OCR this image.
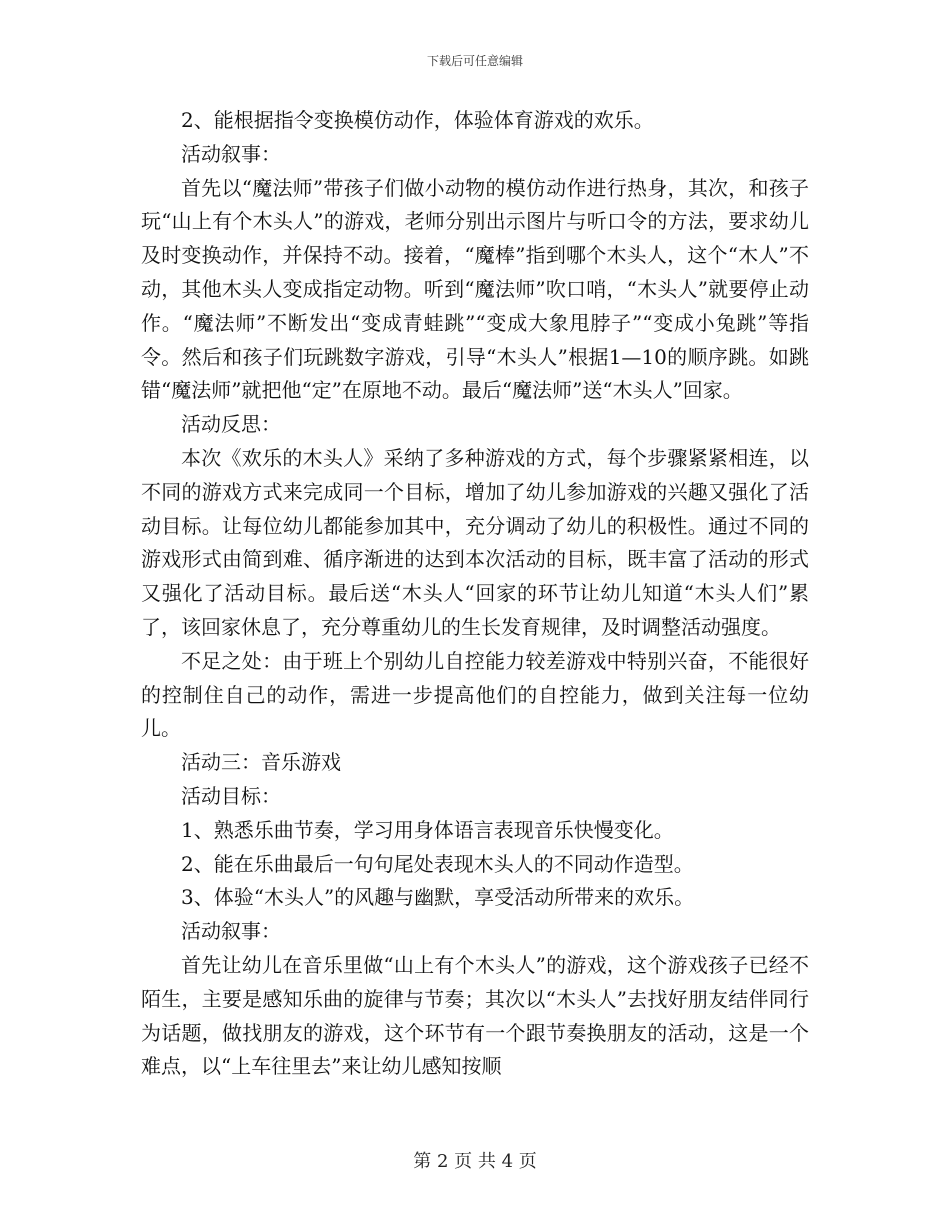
下载后可任意编辑

2、能根据指令变换模仿动作，体验体育游戏的欢乐。

活动叙事：

首先以“魔法师”带孩子们做小动物的模仿动作进行热身，其次，和孩子玩“山上有个木头人”的游戏，老师分别出示图片与听口令的方法，要求幼儿及时变换动作，并保持不动。接着，“魔棒”指到哪个木头人，这个“木人”不动，其他木头人变成指定动物。听到“魔法师”吹口哨，“木头人”就要停止动作。“魔法师”不断发出“变成青蛙跳”“变成大象甩脖子”“变成小兔跳”等指令。然后和孩子们玩跳数字游戏，引导“木头人”根据1—10的顺序跳。如跳错“魔法师”就把他“定”在原地不动。最后“魔法师”送“木头人”回家。

活动反思：

本次《欢乐的木头人》采纳了多种游戏的方式，每个步骤紧紧相连，以不同的游戏方式来完成同一个目标，增加了幼儿参加游戏的兴趣又强化了活动目标。让每位幼儿都能参加其中，充分调动了幼儿的积极性。通过不同的游戏形式由简到难、循序渐进的达到本次活动的目标，既丰富了活动的形式又强化了活动目标。最后送“木头人“回家的环节让幼儿知道“木头人们”累了，该回家休息了，充分尊重幼儿的生长发育规律，及时调整活动强度。

不足之处：由于班上个别幼儿自控能力较差游戏中特别兴奋，不能很好的控制住自己的动作，需进一步提高他们的自控能力，做到关注每一位幼儿。

活动三：音乐游戏

活动目标：

1、熟悉乐曲节奏，学习用身体语言表现音乐快慢变化。

2、能在乐曲最后一句句尾处表现木头人的不同动作造型。

3、体验“木头人”的风趣与幽默，享受活动所带来的欢乐。

活动叙事：

首先让幼儿在音乐里做“山上有个木头人”的游戏，这个游戏孩子已经不陌生，主要是感知乐曲的旋律与节奏；其次以“木头人”去找好朋友结伴同行为话题，做找朋友的游戏，这个环节有一个跟节奏换朋友的活动，这是一个难点，以“上车往里去”来让幼儿感知按顺

第 2 页 共 4 页
